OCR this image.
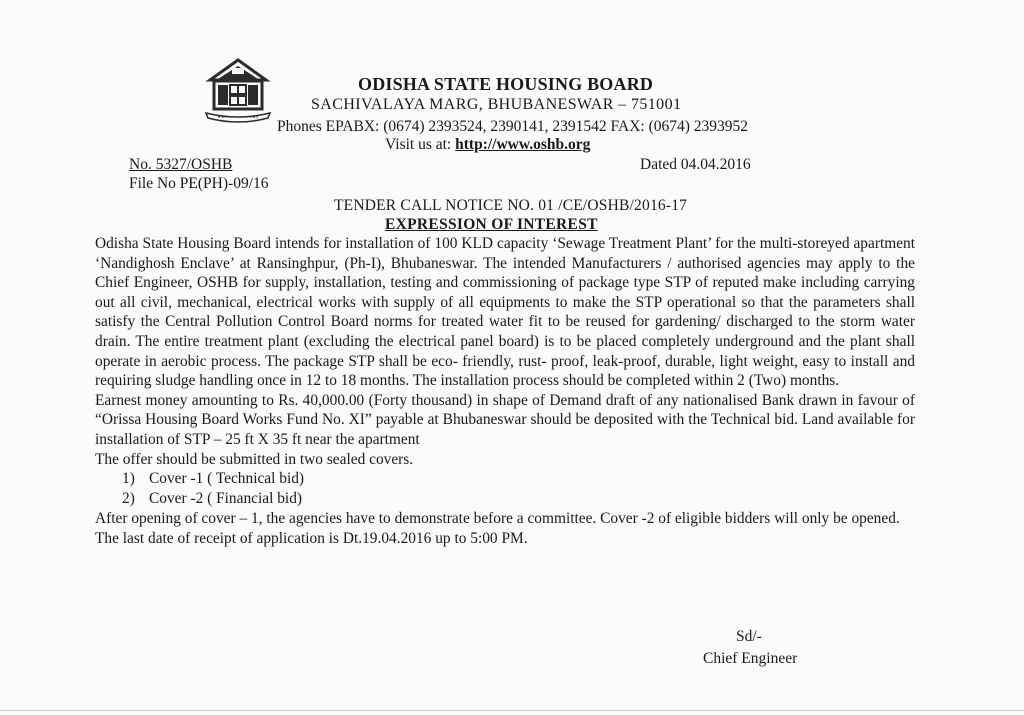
ODISHA STATE HOUSING BOARD
SACHIVALAYA MARG, BHUBANESWAR – 751001
Phones EPABX: (0674) 2393524, 2390141, 2391542 FAX: (0674) 2393952
Visit us at: http://www.oshb.org
No. 5327/OSHB
File No PE(PH)-09/16
Dated 04.04.2016
TENDER CALL NOTICE NO. 01 /CE/OSHB/2016-17
EXPRESSION OF INTEREST

Odisha State Housing Board intends for installation of 100 KLD capacity ‘Sewage Treatment Plant’ for the multi-storeyed apartment ‘Nandighosh Enclave’ at Ransinghpur, (Ph-I), Bhubaneswar. The intended Manufacturers / authorised agencies may apply to the Chief Engineer, OSHB for supply, installation, testing and commissioning of package type STP of reputed make including carrying out all civil, mechanical, electrical works with supply of all equipments to make the STP operational so that the parameters shall satisfy the Central Pollution Control Board norms for treated water fit to be reused for gardening/ discharged to the storm water drain. The entire treatment plant (excluding the electrical panel board) is to be placed completely underground and the plant shall operate in aerobic process. The package STP shall be eco- friendly, rust- proof, leak-proof, durable, light weight, easy to install and requiring sludge handling once in 12 to 18 months. The installation process should be completed within 2 (Two) months.

Earnest money amounting to Rs. 40,000.00 (Forty thousand) in shape of Demand draft of any nationalised Bank drawn in favour of “Orissa Housing Board Works Fund No. XI” payable at Bhubaneswar should be deposited with the Technical bid. Land available for installation of STP – 25 ft X 35 ft near the apartment

The offer should be submitted in two sealed covers.

1) Cover -1 ( Technical bid)
2) Cover -2 ( Financial bid)

After opening of cover – 1, the agencies have to demonstrate before a committee. Cover -2 of eligible bidders will only be opened.

The last date of receipt of application is Dt.19.04.2016 up to 5:00 PM.

Sd/-
Chief Engineer
